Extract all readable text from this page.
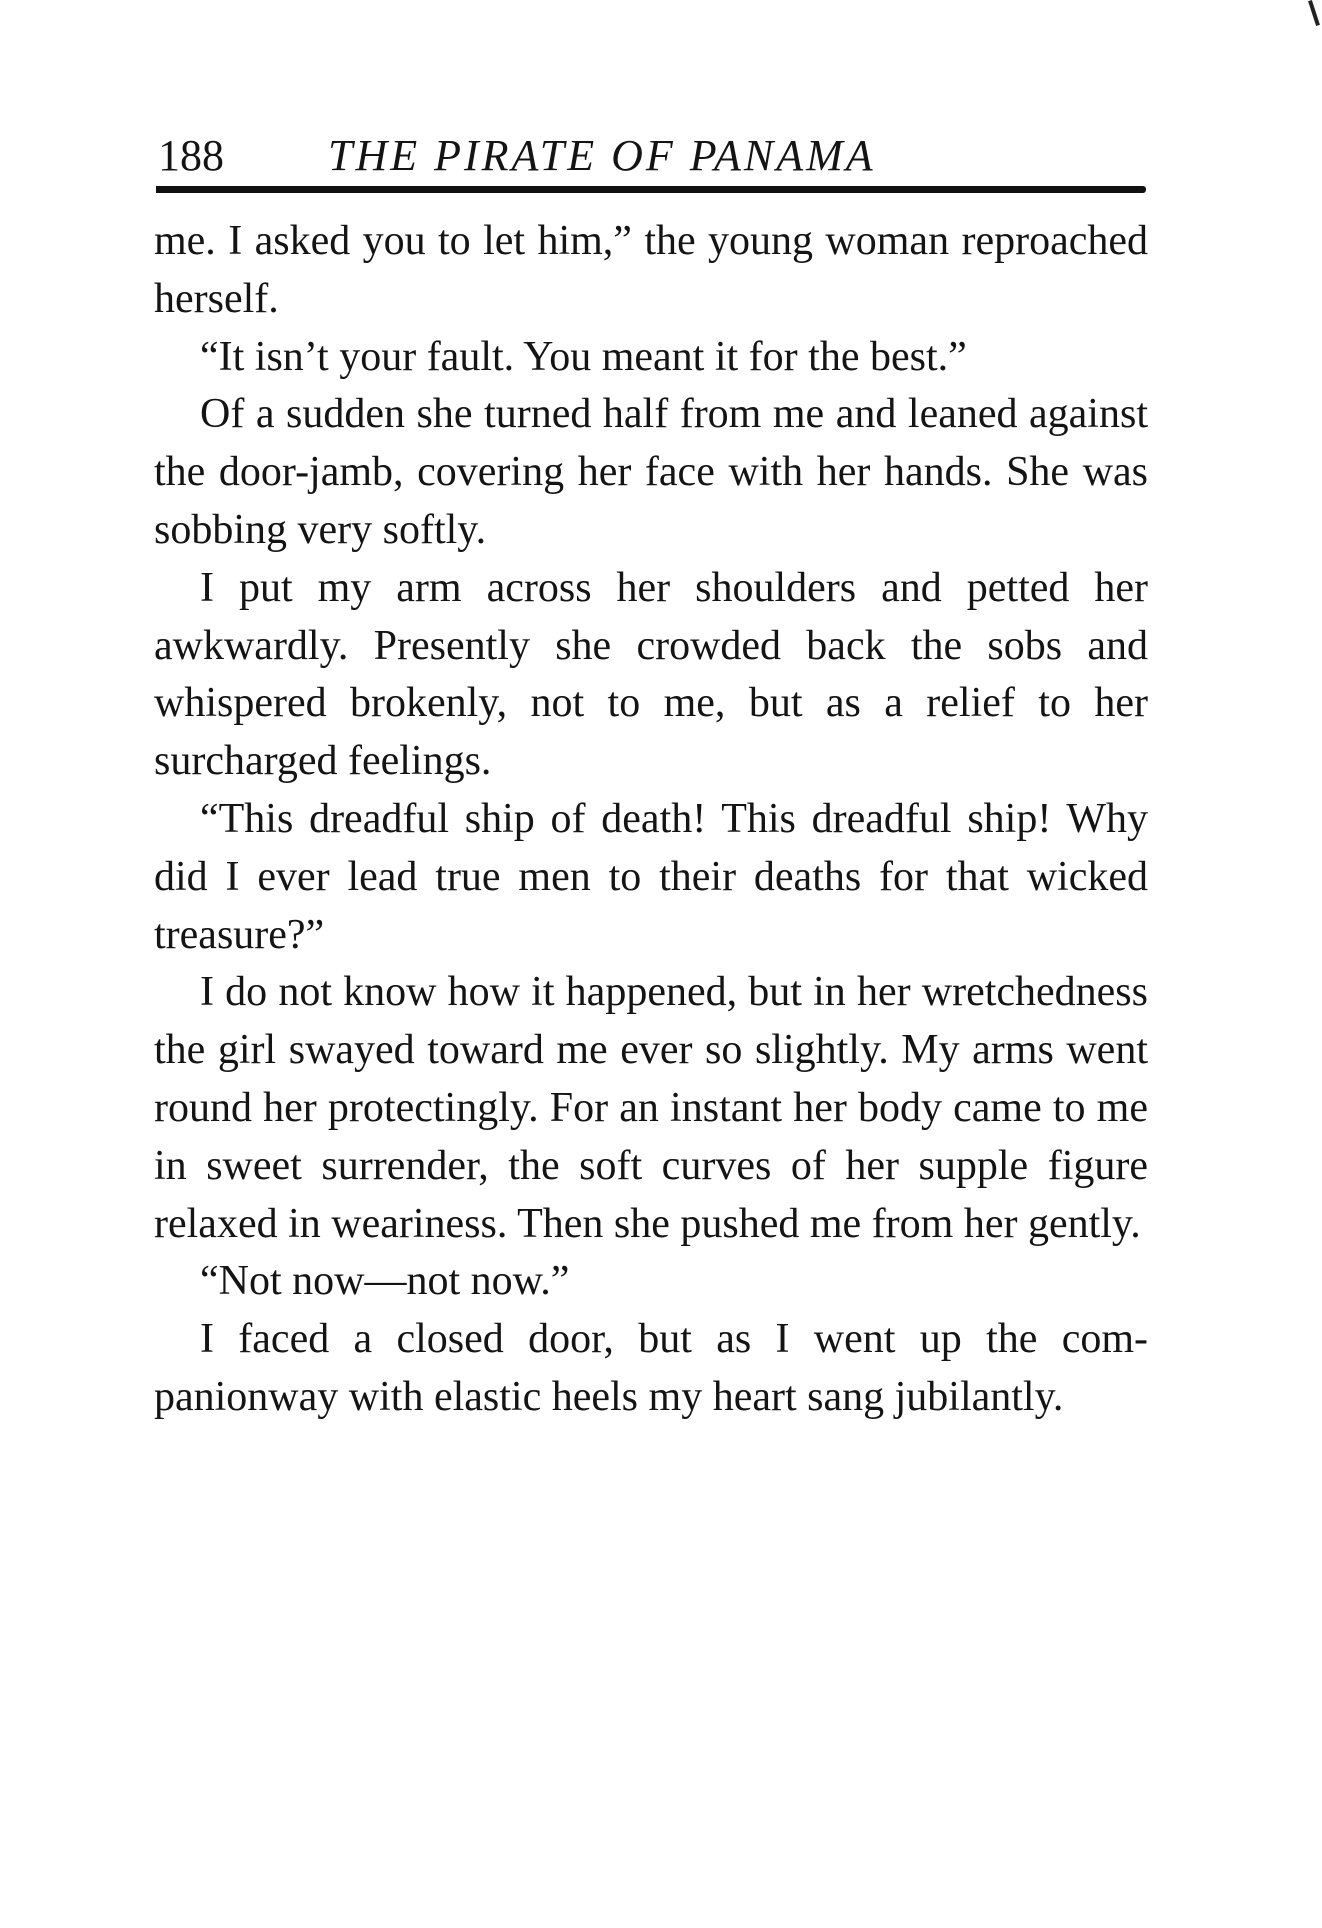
188 THE PIRATE OF PANAMA

me. I asked you to let him,” the young woman reproached herself.

“It isn’t your fault. You meant it for the best.”

Of a sudden she turned half from me and leaned against the door-jamb, covering her face with her hands. She was sobbing very softly.

I put my arm across her shoulders and petted her awkwardly. Presently she crowded back the sobs and whispered brokenly, not to me, but as a relief to her surcharged feelings.

“This dreadful ship of death! This dreadful ship! Why did I ever lead true men to their deaths for that wicked treasure?”

I do not know how it happened, but in her wretchedness the girl swayed toward me ever so slightly. My arms went round her protectingly. For an instant her body came to me in sweet surrender, the soft curves of her supple figure relaxed in weariness. Then she pushed me from her gently.

“Not now—not now.”

I faced a closed door, but as I went up the companionway with elastic heels my heart sang jubilantly.
